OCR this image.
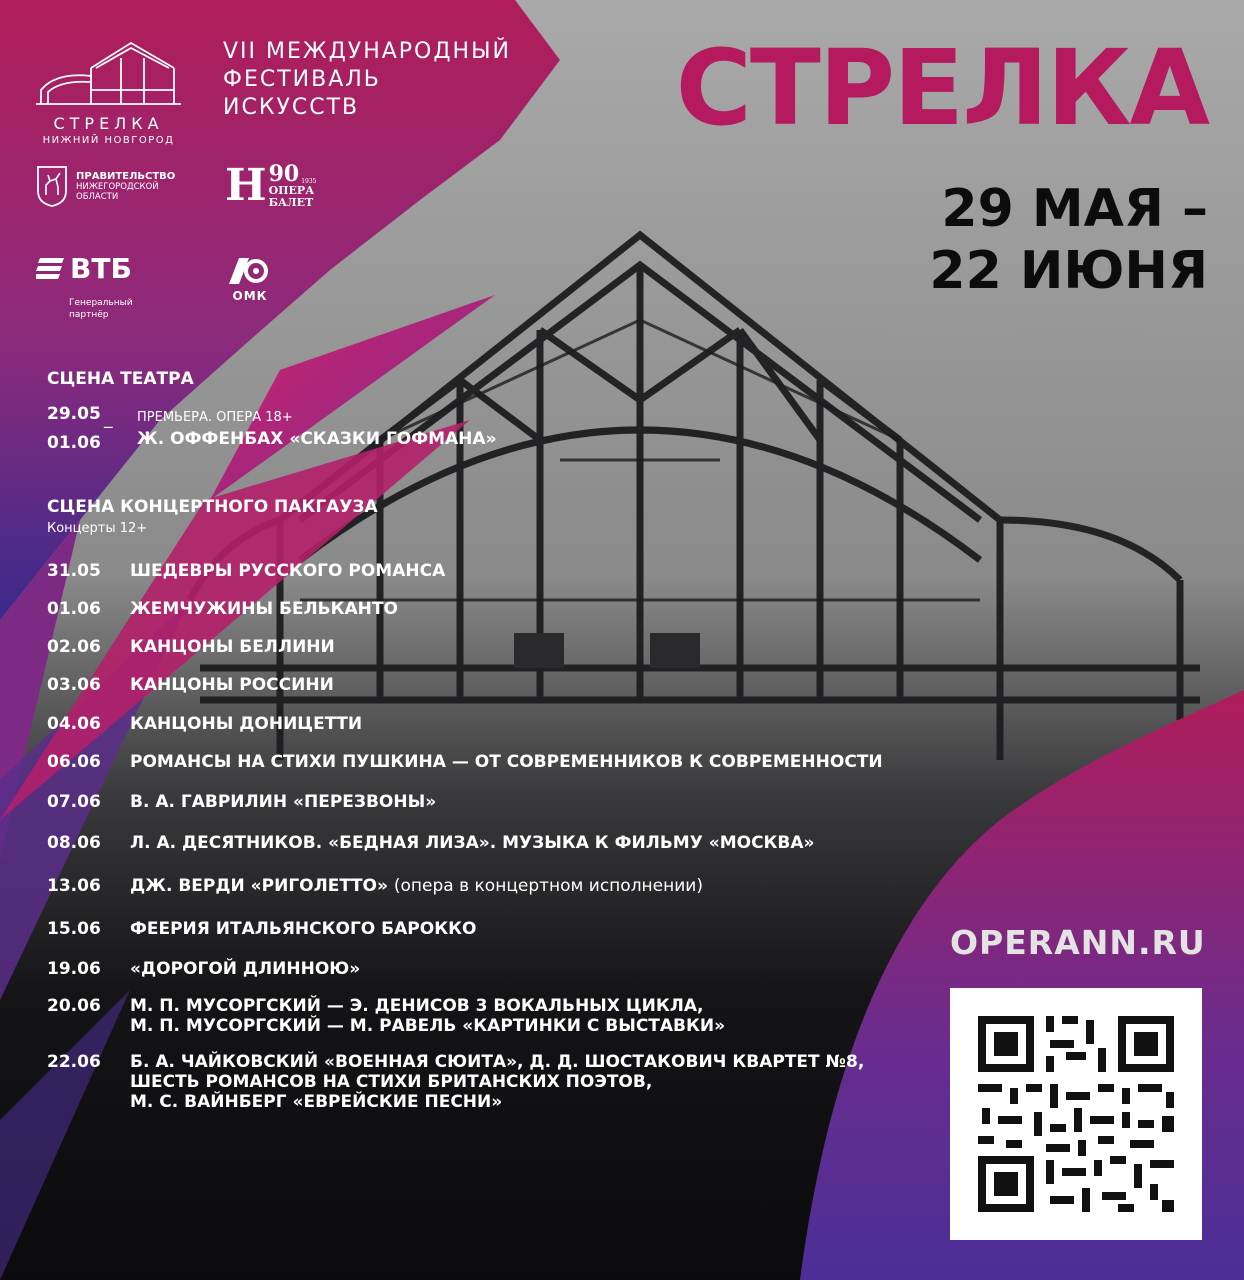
СТРЕЛКА
НИЖНИЙ НОВГОРОД
VII МЕЖДУНАРОДНЫЙ
ФЕСТИВАЛЬ
ИСКУССТВ	СТРЕЛКА
29 МАЯ –
22 ИЮНЯ
ПРАВИТЕЛЬСТВО
НИЖЕГОРОДСКОЙ
ОБЛАСТИ	Н 90 1935
ОПЕРА
БАЛЕТ
ВТБ
Генеральный
партнёр
ОМК
СЦЕНА ТЕАТРА
29.05 _
01.06
ПРЕМЬЕРА. ОПЕРА 18+
Ж. ОФФЕНБАХ «СКАЗКИ ГОФМАНА»
СЦЕНА КОНЦЕРТНОГО ПАКГАУЗА
Концерты 12+
31.05	ШЕДЕВРЫ РУССКОГО РОМАНСА
01.06	ЖЕМЧУЖИНЫ БЕЛЬКАНТО
02.06	КАНЦОНЫ БЕЛЛИНИ
03.06	КАНЦОНЫ РОССИНИ
04.06	КАНЦОНЫ ДОНИЦЕТТИ
06.06	РОМАНСЫ НА СТИХИ ПУШКИНА — ОТ СОВРЕМЕННИКОВ К СОВРЕМЕННОСТИ
07.06	В. А. ГАВРИЛИН «ПЕРЕЗВОНЫ»
08.06	Л. А. ДЕСЯТНИКОВ. «БЕДНАЯ ЛИЗА». МУЗЫКА К ФИЛЬМУ «МОСКВА»
13.06	ДЖ. ВЕРДИ «РИГОЛЕТТО» (опера в концертном исполнении)
15.06	ФЕЕРИЯ ИТАЛЬЯНСКОГО БАРОККО
19.06	«ДОРОГОЙ ДЛИННОЮ»
20.06	М. П. МУСОРГСКИЙ — Э. ДЕНИСОВ 3 ВОКАЛЬНЫХ ЦИКЛА,
М. П. МУСОРГСКИЙ — М. РАВЕЛЬ «КАРТИНКИ С ВЫСТАВКИ»
22.06	Б. А. ЧАЙКОВСКИЙ «ВОЕННАЯ СЮИТА», Д. Д. ШОСТАКОВИЧ КВАРТЕТ №8,
ШЕСТЬ РОМАНСОВ НА СТИХИ БРИТАНСКИХ ПОЭТОВ,
М. С. ВАЙНБЕРГ «ЕВРЕЙСКИЕ ПЕСНИ»
OPERANN.RU
